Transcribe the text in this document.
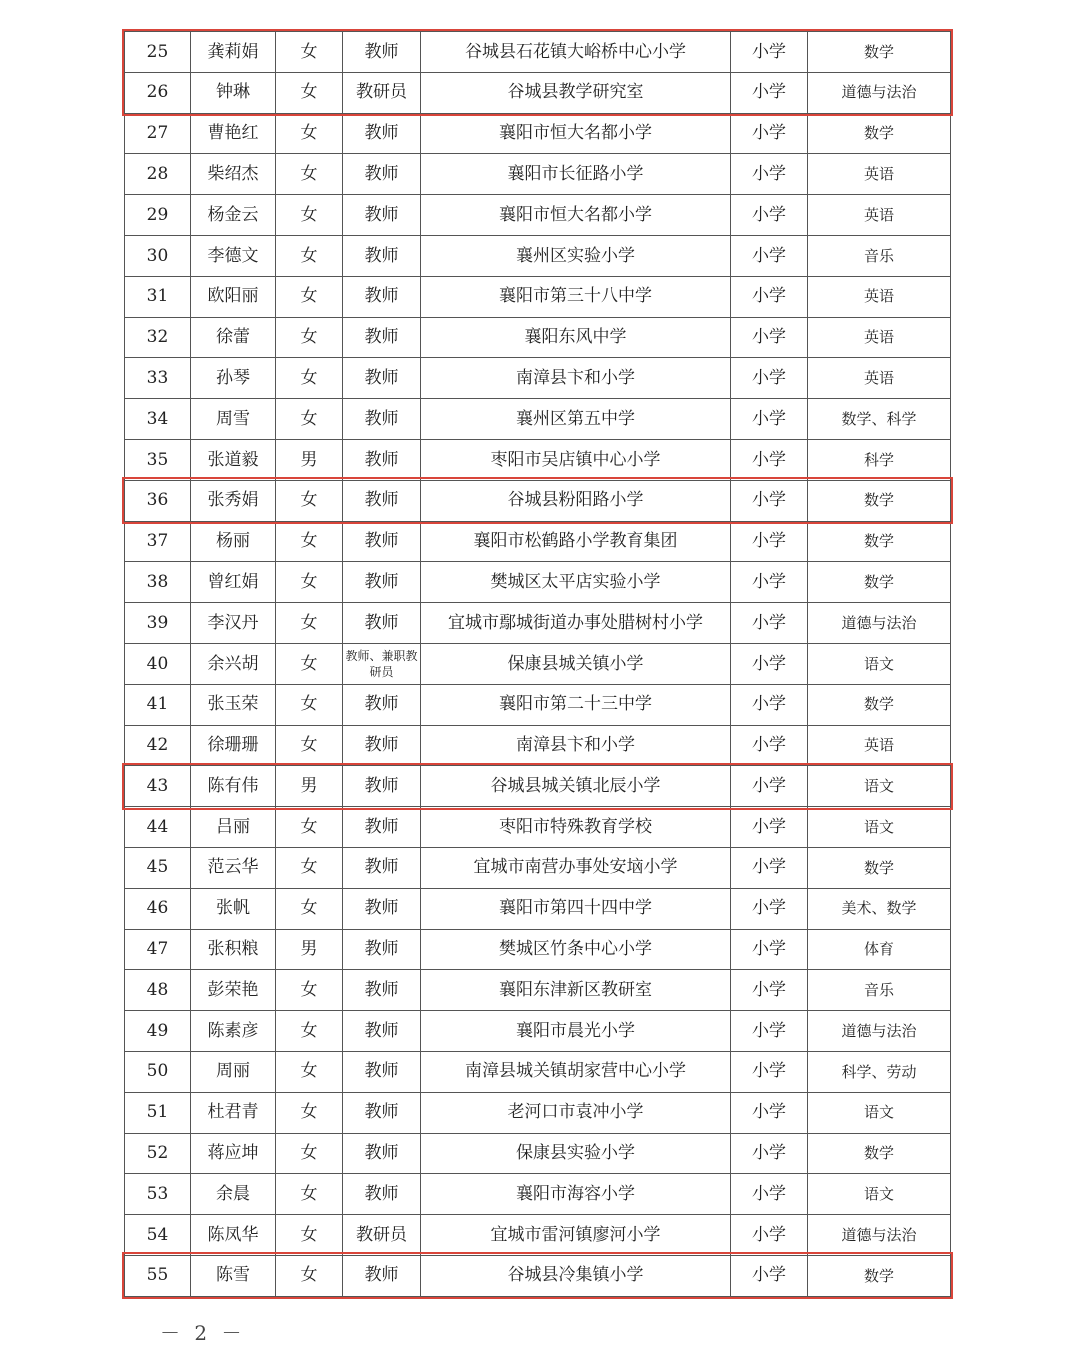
25	龚莉娟	女	教师	谷城县石花镇大峪桥中心小学	小学	数学
26	钟琳	女	教研员	谷城县教学研究室	小学	道德与法治
27	曹艳红	女	教师	襄阳市恒大名都小学	小学	数学
28	柴绍杰	女	教师	襄阳市长征路小学	小学	英语
29	杨金云	女	教师	襄阳市恒大名都小学	小学	英语
30	李德文	女	教师	襄州区实验小学	小学	音乐
31	欧阳丽	女	教师	襄阳市第三十八中学	小学	英语
32	徐蕾	女	教师	襄阳东风中学	小学	英语
33	孙琴	女	教师	南漳县卞和小学	小学	英语
34	周雪	女	教师	襄州区第五中学	小学	数学、科学
35	张道毅	男	教师	枣阳市吴店镇中心小学	小学	科学
36	张秀娟	女	教师	谷城县粉阳路小学	小学	数学
37	杨丽	女	教师	襄阳市松鹤路小学教育集团	小学	数学
38	曾红娟	女	教师	樊城区太平店实验小学	小学	数学
39	李汉丹	女	教师	宜城市鄢城街道办事处腊树村小学	小学	道德与法治
40	余兴胡	女	教师、兼职教研员	保康县城关镇小学	小学	语文
41	张玉荣	女	教师	襄阳市第二十三中学	小学	数学
42	徐珊珊	女	教师	南漳县卞和小学	小学	英语
43	陈有伟	男	教师	谷城县城关镇北辰小学	小学	语文
44	吕丽	女	教师	枣阳市特殊教育学校	小学	语文
45	范云华	女	教师	宜城市南营办事处安垴小学	小学	数学
46	张帆	女	教师	襄阳市第四十四中学	小学	美术、数学
47	张积粮	男	教师	樊城区竹条中心小学	小学	体育
48	彭荣艳	女	教师	襄阳东津新区教研室	小学	音乐
49	陈素彦	女	教师	襄阳市晨光小学	小学	道德与法治
50	周丽	女	教师	南漳县城关镇胡家营中心小学	小学	科学、劳动
51	杜君青	女	教师	老河口市袁冲小学	小学	语文
52	蒋应坤	女	教师	保康县实验小学	小学	数学
53	余晨	女	教师	襄阳市海容小学	小学	语文
54	陈凤华	女	教研员	宜城市雷河镇廖河小学	小学	道德与法治
55	陈雪	女	教师	谷城县冷集镇小学	小学	数学
－ 2 －
